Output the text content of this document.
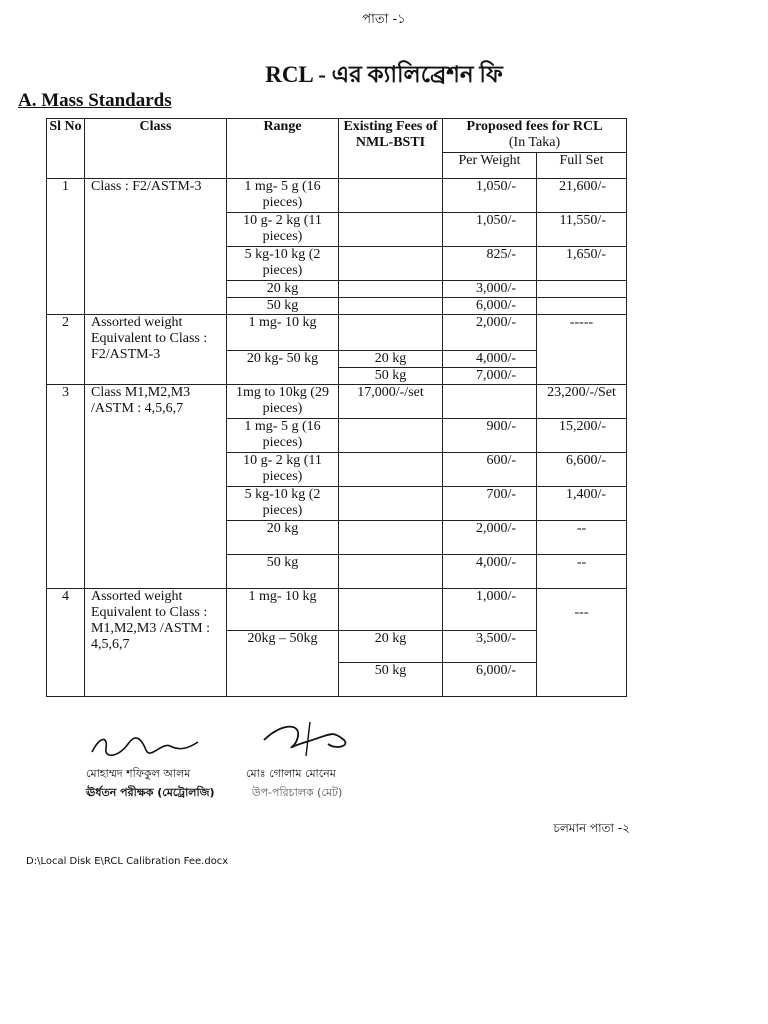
পাতা -১
RCL - এর ক্যালিব্রেশন ফি
A. Mass Standards
Sl No	Class	Range	Existing Fees of NML-BSTI	Proposed fees for RCL
(In Taka)	

				Per Weight	Full Set
1	Class : F2/ASTM-3	1 mg- 5 g (16 pieces)		1,050/-	21,600/-
		10 g- 2 kg (11 pieces)		1,050/-	11,550/-
		5 kg-10 kg (2 pieces)		825/-	1,650/-
		20 kg		3,000/-	
		50 kg		6,000/-	
2	Assorted weight Equivalent to Class : F2/ASTM-3	1 mg- 10 kg		2,000/-	-----
		20 kg- 50 kg	20 kg	4,000/-	
			50 kg	7,000/-	
3	Class M1,M2,M3 /ASTM : 4,5,6,7	1mg to 10kg (29 pieces)	17,000/-/set		23,200/-/Set
		1 mg- 5 g (16 pieces)		900/-	15,200/-
		10 g- 2 kg (11 pieces)		600/-	6,600/-
		5 kg-10 kg (2 pieces)		700/-	1,400/-
		20 kg		2,000/-	--
		50 kg		4,000/-	--
4	Assorted weight Equivalent to Class : M1,M2,M3 /ASTM : 4,5,6,7	1 mg- 10 kg		1,000/-	---
		20kg – 50kg	20 kg	3,500/-	
			50 kg	6,000/-	
মোহাম্মদ শফিকুল আলম
ঊর্ধতন পরীক্ষক (মেট্রোলজি)
মোঃ গোলাম মোনেম
উপ-পরিচালক (মেট)
চলমান পাতা -২
D:\Local Disk E\RCL Calibration Fee.docx
